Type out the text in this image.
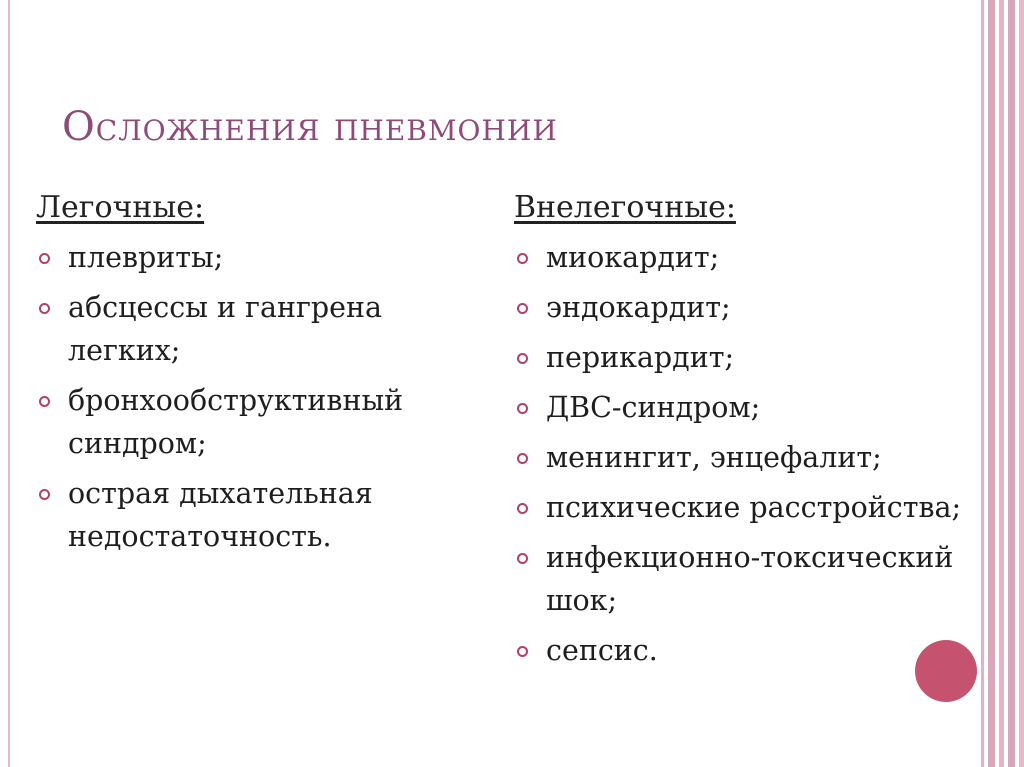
Осложнения пневмонии
Легочные:
плевриты;
абсцессы и гангрена
легких;
бронхообструктивный
синдром;
острая дыхательная
недостаточность.
Внелегочные:
миокардит;
эндокардит;
перикардит;
ДВС-синдром;
менингит, энцефалит;
психические расстройства;
инфекционно-токсический
шок;
сепсис.
